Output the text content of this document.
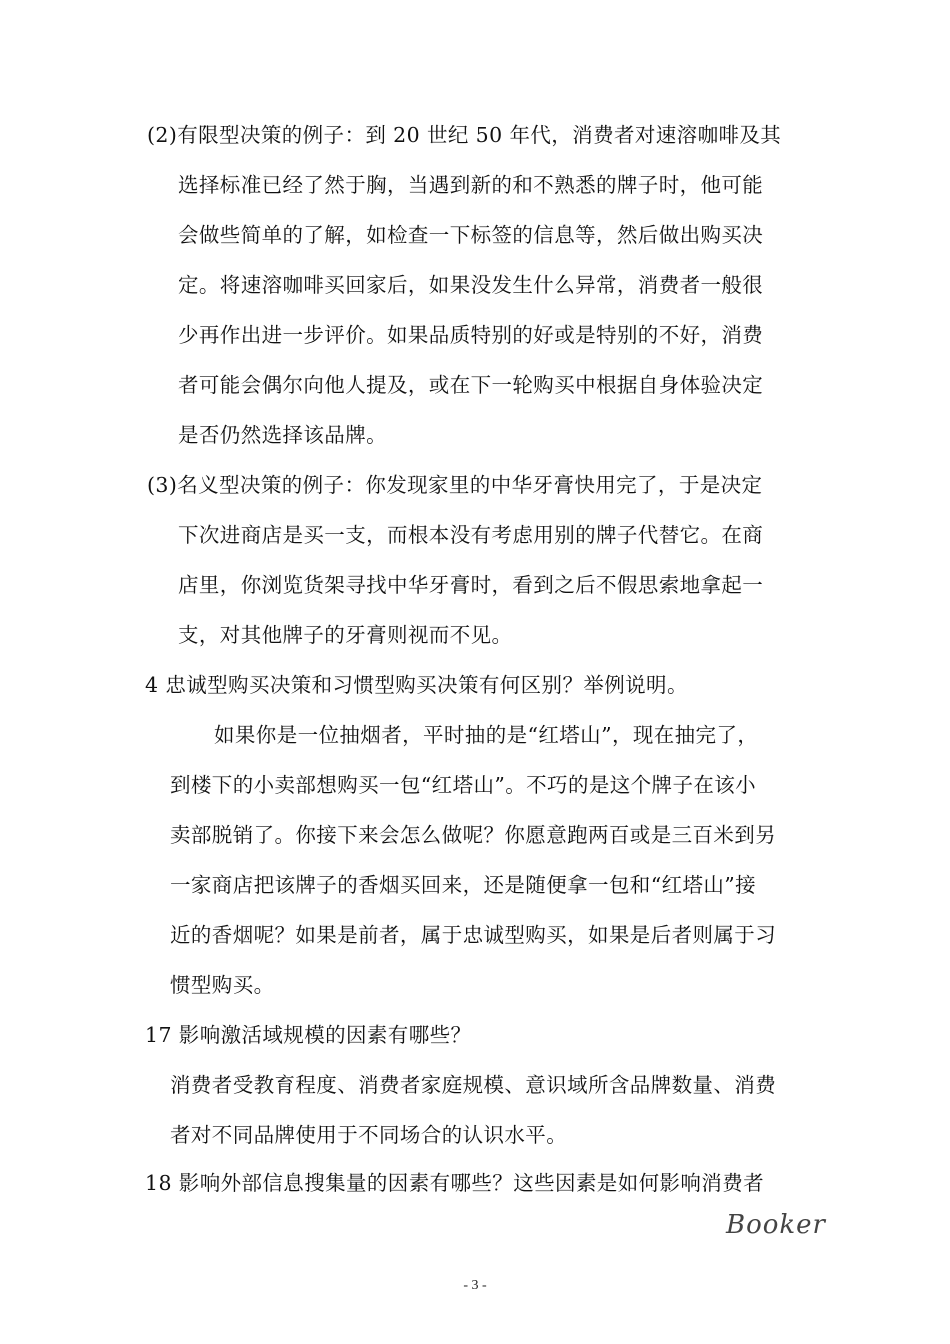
(2)有限型决策的例子：到 20 世纪 50 年代，消费者对速溶咖啡及其
选择标准已经了然于胸，当遇到新的和不熟悉的牌子时，他可能
会做些简单的了解，如检查一下标签的信息等，然后做出购买决
定。将速溶咖啡买回家后，如果没发生什么异常，消费者一般很
少再作出进一步评价。如果品质特别的好或是特别的不好，消费
者可能会偶尔向他人提及，或在下一轮购买中根据自身体验决定
是否仍然选择该品牌。
(3)名义型决策的例子：你发现家里的中华牙膏快用完了，于是决定
下次进商店是买一支，而根本没有考虑用别的牌子代替它。在商
店里，你浏览货架寻找中华牙膏时，看到之后不假思索地拿起一
支，对其他牌子的牙膏则视而不见。
4 忠诚型购买决策和习惯型购买决策有何区别？举例说明。
如果你是一位抽烟者，平时抽的是“红塔山”，现在抽完了，
到楼下的小卖部想购买一包“红塔山”。不巧的是这个牌子在该小
卖部脱销了。你接下来会怎么做呢？你愿意跑两百或是三百米到另
一家商店把该牌子的香烟买回来，还是随便拿一包和“红塔山”接
近的香烟呢？如果是前者，属于忠诚型购买，如果是后者则属于习
惯型购买。
17 影响激活域规模的因素有哪些？
消费者受教育程度、消费者家庭规模、意识域所含品牌数量、消费
者对不同品牌使用于不同场合的认识水平。
18 影响外部信息搜集量的因素有哪些？这些因素是如何影响消费者
Booker
- 3 -
